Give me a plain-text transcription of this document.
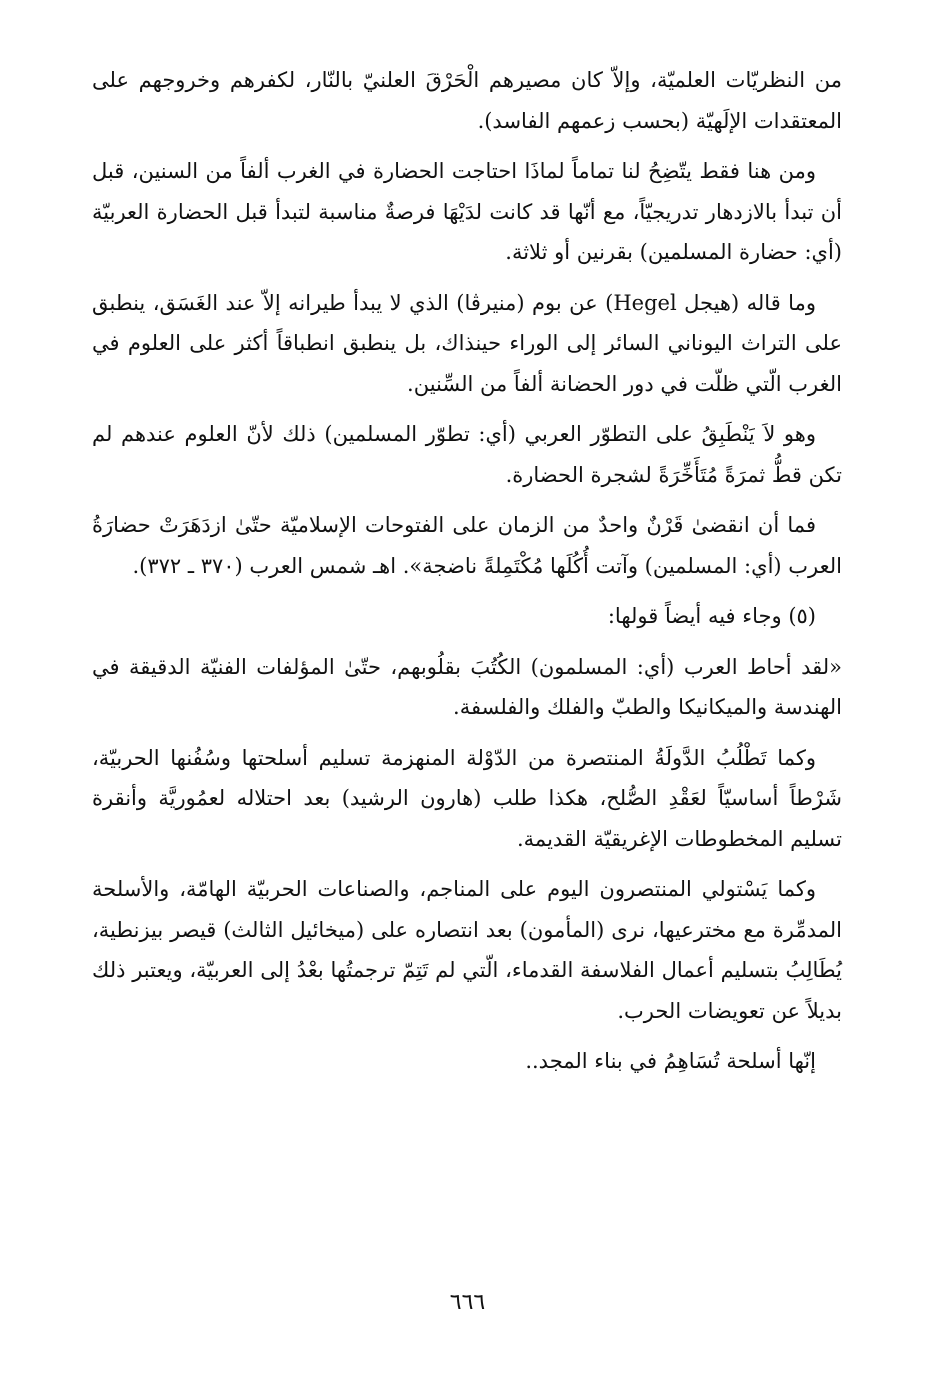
من النظريّات العلميّة، وإلاّ كان مصيرهم الْحَرْقَ العلنيّ بالنّار، لكفرهم وخروجهم على المعتقدات الإلَهيّة (بحسب زعمهم الفاسد).

ومن هنا فقط يتّضِحُ لنا تماماً لماذَا احتاجت الحضارة في الغرب ألفاً من السنين، قبل أن تبدأ بالازدهار تدريجيّاً، مع أنّها قد كانت لدَيْهَا فرصةٌ مناسبة لتبدأ قبل الحضارة العربيّة (أي: حضارة المسلمين) بقرنين أو ثلاثة.

وما قاله (هيجل Hegel) عن بوم (منيرڤا) الذي لا يبدأ طيرانه إلاّ عند الغَسَق، ينطبق على التراث اليوناني السائر إلى الوراء حينذاك، بل ينطبق انطباقاً أكثر على العلوم في الغرب الّتي ظلّت في دور الحضانة ألفاً من السِّنين.

وهو لاَ يَنْطَبِقُ على التطوّر العربي (أي: تطوّر المسلمين) ذلك لأنّ العلوم عندهم لم تكن قطُّ ثمرَةً مُتَأَخِّرَةً لشجرة الحضارة.

فما أن انقضىٰ قَرْنٌ واحدٌ من الزمان على الفتوحات الإسلاميّة حتّىٰ ازدَهَرَتْ حضارَةُ العرب (أي: المسلمين) وآتت أُكُلَها مُكْتَمِلةً ناضجة». اهـ شمس العرب (٣٧٠ ـ ٣٧٢).

(٥) وجاء فيه أيضاً قولها:

«لقد أحاط العرب (أي: المسلمون) الكُتُبَ بقلُوبهم، حتّىٰ المؤلفات الفنيّة الدقيقة في الهندسة والميكانيكا والطبّ والفلك والفلسفة.

وكما تَطْلُبُ الدَّولَةُ المنتصرة من الدّوْلة المنهزمة تسليم أسلحتها وسُفُنها الحربيّة، شَرْطاً أساسيّاً لعَقْدِ الصُّلح، هكذا طلب (هارون الرشيد) بعد احتلاله لعمُوريَّة وأنقرة تسليم المخطوطات الإغريقيّة القديمة.

وكما يَسْتولي المنتصرون اليوم على المناجم، والصناعات الحربيّة الهامّة، والأسلحة المدمِّرة مع مخترعيها، نرى (المأمون) بعد انتصاره على (ميخائيل الثالث) قيصر بيزنطية، يُطَالِبُ بتسليم أعمال الفلاسفة القدماء، الّتي لم تَتِمّ ترجمتُها بعْدُ إلى العربيّة، ويعتبر ذلك بديلاً عن تعويضات الحرب.

إنّها أسلحة تُسَاهِمُ في بناء المجد..

٦٦٦
